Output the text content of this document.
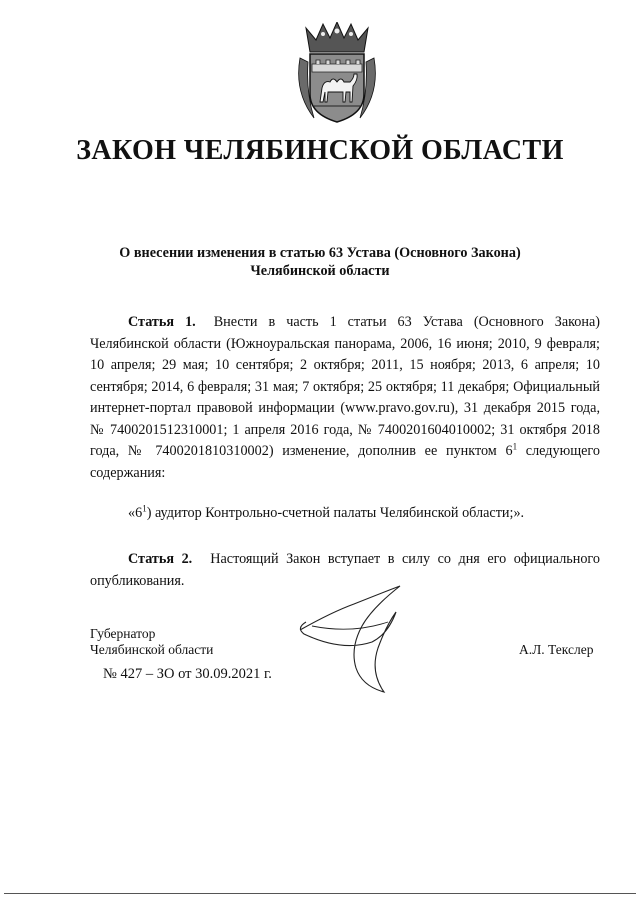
ЗАКОН ЧЕЛЯБИНСКОЙ ОБЛАСТИ
О внесении изменения в статью 63 Устава (Основного Закона)
Челябинской области
Статья 1. Внести в часть 1 статьи 63 Устава (Основного Закона) Челябинской области (Южноуральская панорама, 2006, 16 июня; 2010, 9 февраля; 10 апреля; 29 мая; 10 сентября; 2 октября; 2011, 15 ноября; 2013, 6 апреля; 10 сентября; 2014, 6 февраля; 31 мая; 7 октября; 25 октября; 11 декабря; Официальный интернет-портал правовой информации (www.pravo.gov.ru), 31 декабря 2015 года, № 7400201512310001; 1 апреля 2016 года, № 7400201604010002; 31 октября 2018 года, № 7400201810310002) изменение, дополнив ее пунктом $6^1$ следующего содержания:
«$6^1$) аудитор Контрольно-счетной палаты Челябинской области;».
Статья 2. Настоящий Закон вступает в силу со дня его официального опубликования.
Губернатор
Челябинской области	А.Л. Текслер
№ 427 – ЗО от 30.09.2021 г.
